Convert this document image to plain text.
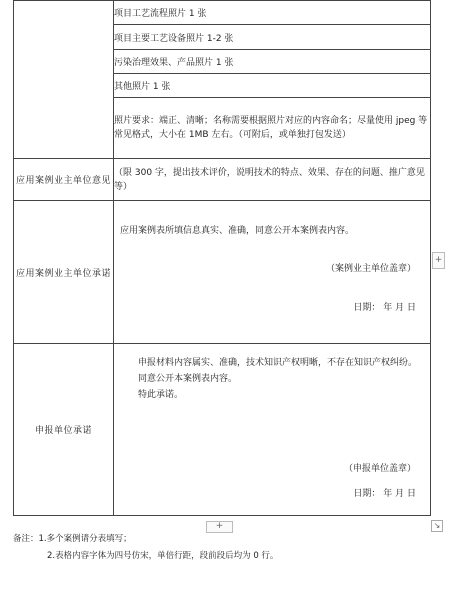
	项目工艺流程照片 1 张
	项目主要工艺设备照片 1-2 张
	污染治理效果、产品照片 1 张
	其他照片 1 张
	照片要求：端正、清晰；名称需要根据照片对应的内容命名；尽量使用 jpeg 等常见格式，大小在 1MB 左右。（可附后，或单独打包发送）
应用案例业主单位意见	（限 300 字，提出技术评价，说明技术的特点、效果、存在的问题、推广意见等）
应用案例业主单位承诺	应用案例表所填信息真实、准确，同意公开本案例表内容。
（案例业主单位盖章）
日期： 年 月 日

申报单位承诺	申报材料内容属实、准确，技术知识产权明晰，不存在知识产权纠纷。
同意公开本案例表内容。
特此承诺。
（申报单位盖章）
日期： 年 月 日
+
+	↘
备注：1.多个案例请分表填写；
2.表格内容字体为四号仿宋，单倍行距，段前段后均为 0 行。
